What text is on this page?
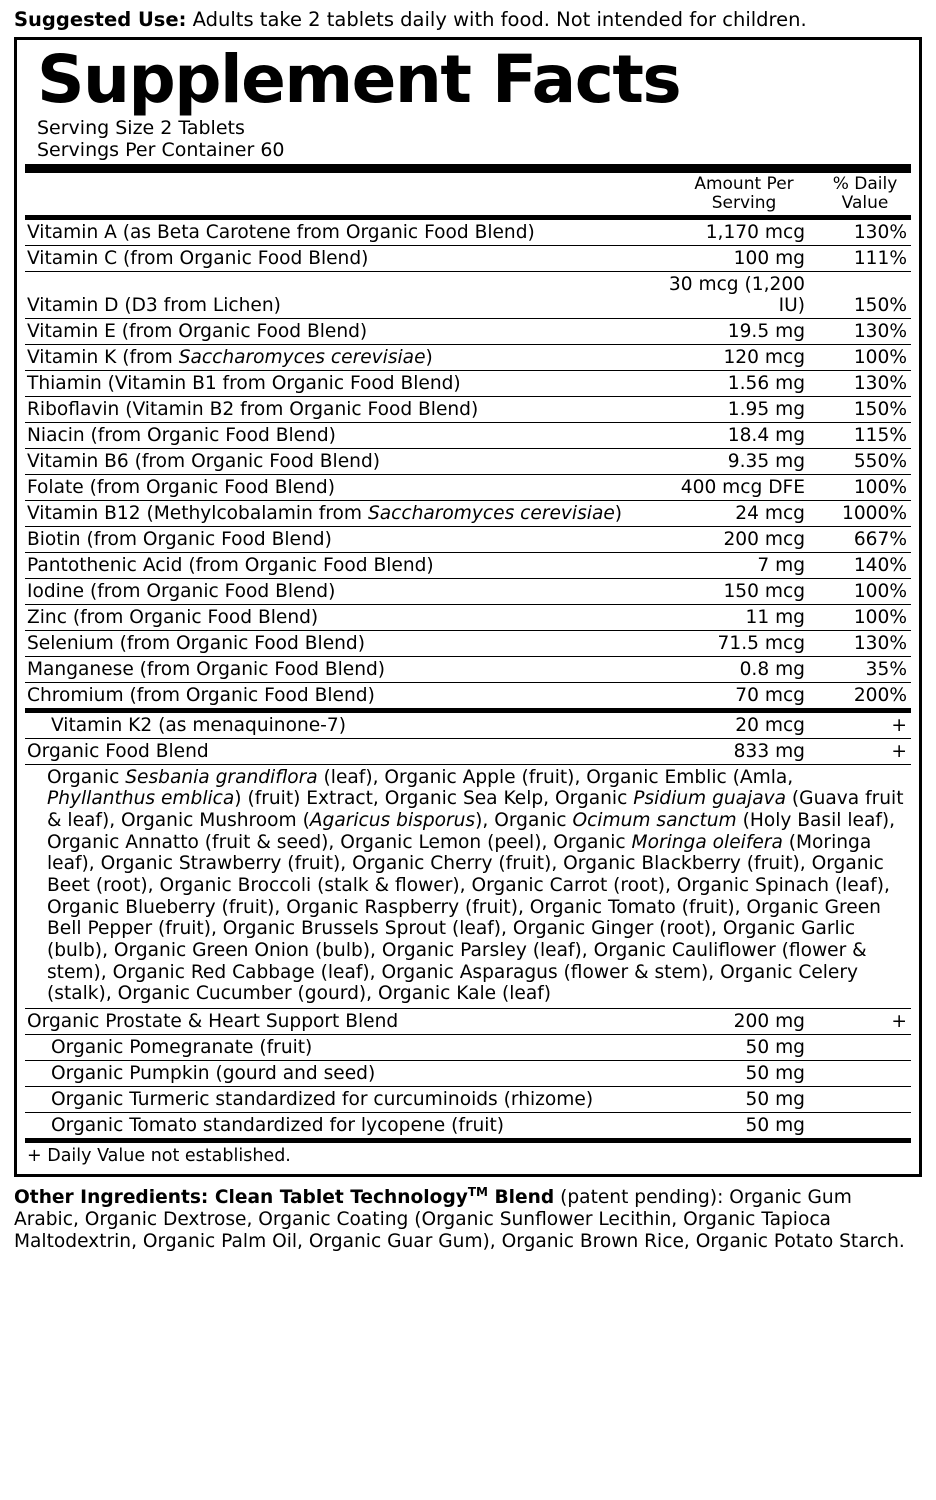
Suggested Use: Adults take 2 tablets daily with food. Not intended for children.
Supplement Facts
Serving Size 2 Tablets
Servings Per Container 60

Amount Per
Serving

% Daily
Value
Vitamin A (as Beta Carotene from Organic Food Blend)	1,170 mcg	130%
Vitamin C (from Organic Food Blend)	100 mg	111%
Vitamin D (D3 from Lichen)	30 mcg (1,200 IU)	150%
Vitamin E (from Organic Food Blend)	19.5 mg	130%
Vitamin K (from Saccharomyces cerevisiae)	120 mcg	100%
Thiamin (Vitamin B1 from Organic Food Blend)	1.56 mg	130%
Riboflavin (Vitamin B2 from Organic Food Blend)	1.95 mg	150%
Niacin (from Organic Food Blend)	18.4 mg	115%
Vitamin B6 (from Organic Food Blend)	9.35 mg	550%
Folate (from Organic Food Blend)	400 mcg DFE	100%
Vitamin B12 (Methylcobalamin from Saccharomyces cerevisiae)	24 mcg	1000%
Biotin (from Organic Food Blend)	200 mcg	667%
Pantothenic Acid (from Organic Food Blend)	7 mg	140%
Iodine (from Organic Food Blend)	150 mcg	100%
Zinc (from Organic Food Blend)	11 mg	100%
Selenium (from Organic Food Blend)	71.5 mcg	130%
Manganese (from Organic Food Blend)	0.8 mg	35%
Chromium (from Organic Food Blend)	70 mcg	200%
Vitamin K2 (as menaquinone-7)	20 mcg	+
Organic Food Blend	833 mg	+
Organic Sesbania grandiflora (leaf), Organic Apple (fruit), Organic Emblic (Amla, Phyllanthus emblica) (fruit) Extract, Organic Sea Kelp, Organic Psidium guajava (Guava fruit & leaf), Organic Mushroom (Agaricus bisporus), Organic Ocimum sanctum (Holy Basil leaf), Organic Annatto (fruit & seed), Organic Lemon (peel), Organic Moringa oleifera (Moringa leaf), Organic Strawberry (fruit), Organic Cherry (fruit), Organic Blackberry (fruit), Organic Beet (root), Organic Broccoli (stalk & flower), Organic Carrot (root), Organic Spinach (leaf), Organic Blueberry (fruit), Organic Raspberry (fruit), Organic Tomato (fruit), Organic Green Bell Pepper (fruit), Organic Brussels Sprout (leaf), Organic Ginger (root), Organic Garlic (bulb), Organic Green Onion (bulb), Organic Parsley (leaf), Organic Cauliflower (flower & stem), Organic Red Cabbage (leaf), Organic Asparagus (flower & stem), Organic Celery (stalk), Organic Cucumber (gourd), Organic Kale (leaf)
Organic Prostate & Heart Support Blend	200 mg	+
Organic Pomegranate (fruit)	50 mg	
Organic Pumpkin (gourd and seed)	50 mg	
Organic Turmeric standardized for curcuminoids (rhizome)	50 mg	
Organic Tomato standardized for lycopene (fruit)	50 mg	
+ Daily Value not established.
Other Ingredients: Clean Tablet Technology™ Blend (patent pending): Organic Gum Arabic, Organic Dextrose, Organic Coating (Organic Sunflower Lecithin, Organic Tapioca Maltodextrin, Organic Palm Oil, Organic Guar Gum), Organic Brown Rice, Organic Potato Starch.
